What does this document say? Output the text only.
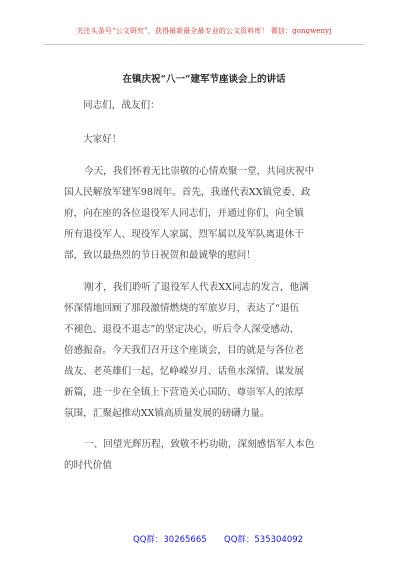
关注头条号“公文研究”，获得最新最全最专业的公文资料库！ 微信：gongwenyj
在镇庆祝“八一”建军节座谈会上的讲话
同志们，战友们：
大家好！
今天，我们怀着无比崇敬的心情欢聚一堂，共同庆祝中
国人民解放军建军98周年。首先，我谨代表XX镇党委、政
府，向在座的各位退役军人同志们，并通过你们，向全镇
所有退役军人、现役军人家属、烈军属以及军队离退休干
部，致以最热烈的节日祝贺和最诚挚的慰问！
刚才，我们聆听了退役军人代表XX同志的发言，他满
怀深情地回顾了那段激情燃烧的军旅岁月，表达了“退伍
不褪色、退役不退志”的坚定决心，听后令人深受感动、
倍感振奋。今天我们召开这个座谈会，目的就是与各位老
战友、老英雄们一起，忆峥嵘岁月、话鱼水深情、谋发展
新篇，进一步在全镇上下营造关心国防、尊崇军人的浓厚
氛围，汇聚起推动XX镇高质量发展的磅礴力量。
一、回望光辉历程，致敬不朽功勋，深刻感悟军人本色
的时代价值
QQ群：30265665 QQ群：535304092
